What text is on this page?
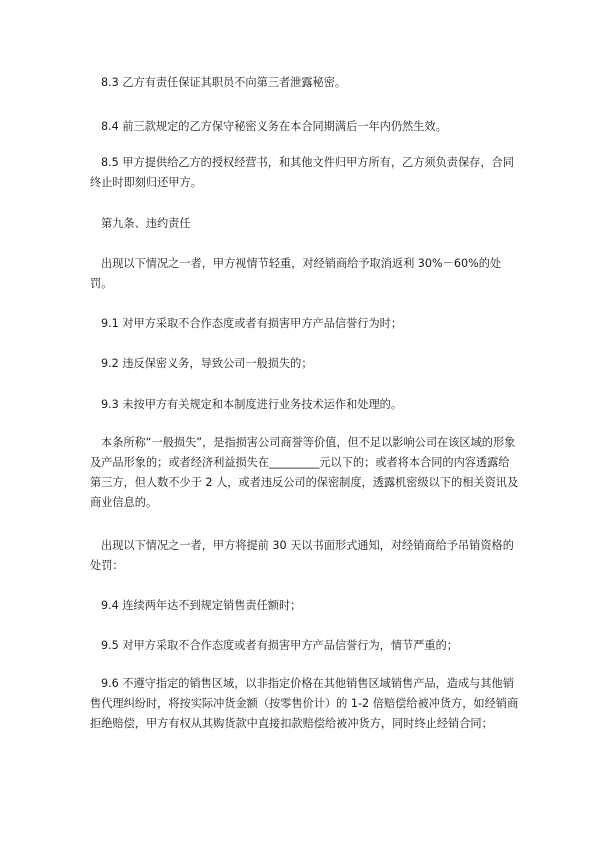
8.3 乙方有责任保证其职员不向第三者泄露秘密。

8.4 前三款规定的乙方保守秘密义务在本合同期满后一年内仍然生效。

8.5 甲方提供给乙方的授权经营书，和其他文件归甲方所有，乙方须负责保存，合同终止时即刻归还甲方。

第九条、违约责任

出现以下情况之一者，甲方视情节轻重，对经销商给予取消返利 30%－60%的处罚。

9.1 对甲方采取不合作态度或者有损害甲方产品信誉行为时；

9.2 违反保密义务，导致公司一般损失的；

9.3 未按甲方有关规定和本制度进行业务技术运作和处理的。

本条所称“一般损失”，是指损害公司商誉等价值，但不足以影响公司在该区域的形象及产品形象的；或者经济利益损失在_________元以下的；或者将本合同的内容透露给第三方，但人数不少于 2 人，或者违反公司的保密制度，透露机密级以下的相关资讯及商业信息的。

出现以下情况之一者，甲方将提前 30 天以书面形式通知，对经销商给予吊销资格的处罚：

9.4 连续两年达不到规定销售责任额时；

9.5 对甲方采取不合作态度或者有损害甲方产品信誉行为，情节严重的；

9.6 不遵守指定的销售区域，以非指定价格在其他销售区域销售产品，造成与其他销售代理纠纷时，将按实际冲货金额（按零售价计）的 1-2 倍赔偿给被冲货方，如经销商拒绝赔偿，甲方有权从其购货款中直接扣款赔偿给被冲货方，同时终止经销合同；
